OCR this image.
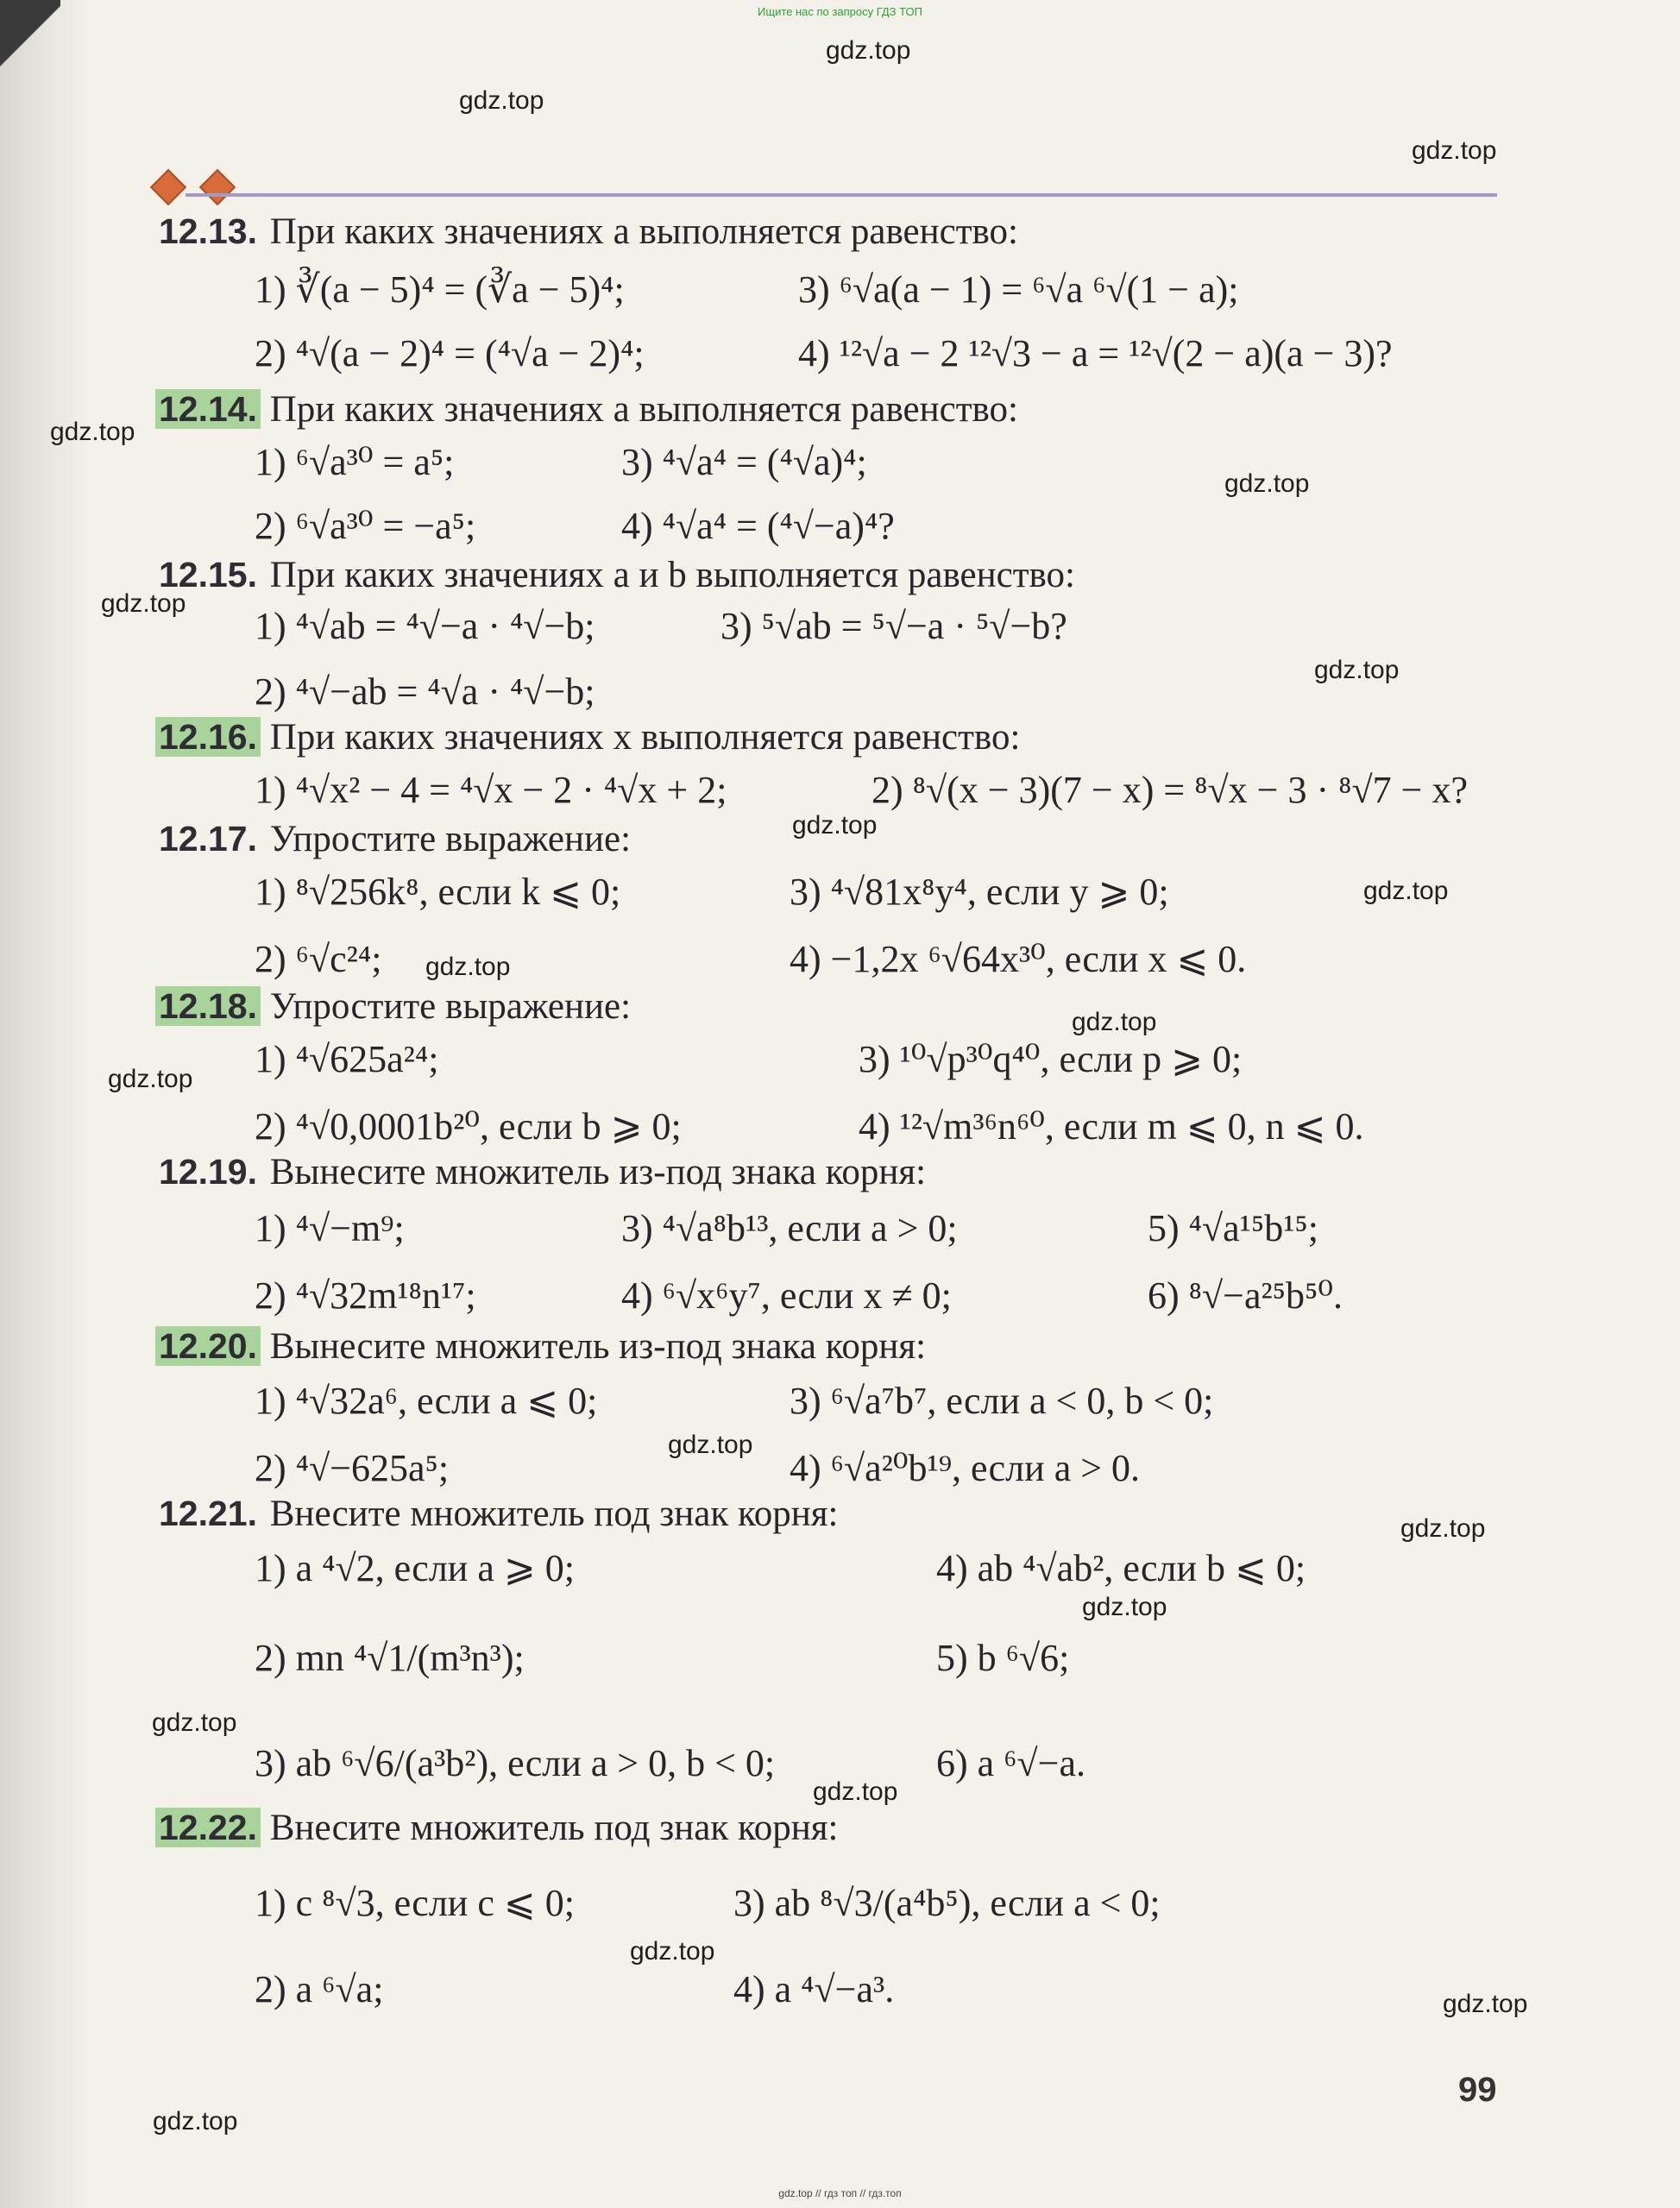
Ищите нас по запросу ГДЗ ТОП
gdz.top
gdz.top
gdz.top
gdz.top
gdz.top
gdz.top
gdz.top
gdz.top
gdz.top
gdz.top
gdz.top
gdz.top
gdz.top
gdz.top
gdz.top
gdz.top
gdz.top
gdz.top
gdz.top
gdz.top
12.13. При каких значениях a выполняется равенство:
1) ∛(a − 5)⁴ = (∛a − 5)⁴;
2) ⁴√(a − 2)⁴ = (⁴√a − 2)⁴;
3) ⁶√a(a − 1) = ⁶√a ⁶√(1 − a);
4) ¹²√a − 2 ¹²√3 − a = ¹²√(2 − a)(a − 3)?
12.14. При каких значениях a выполняется равенство:
1) ⁶√a³⁰ = a⁵;
2) ⁶√a³⁰ = −a⁵;
3) ⁴√a⁴ = (⁴√a)⁴;
4) ⁴√a⁴ = (⁴√−a)⁴?
12.15. При каких значениях a и b выполняется равенство:
1) ⁴√ab = ⁴√−a · ⁴√−b;
2) ⁴√−ab = ⁴√a · ⁴√−b;
3) ⁵√ab = ⁵√−a · ⁵√−b?
12.16. При каких значениях x выполняется равенство:
1) ⁴√x² − 4 = ⁴√x − 2 · ⁴√x + 2;	2) ⁸√(x − 3)(7 − x) = ⁸√x − 3 · ⁸√7 − x?
12.17. Упростите выражение:
1) ⁸√256k⁸, если k ⩽ 0;
2) ⁶√c²⁴;
3) ⁴√81x⁸y⁴, если y ⩾ 0;
4) −1,2x ⁶√64x³⁰, если x ⩽ 0.
12.18. Упростите выражение:
1) ⁴√625a²⁴;
2) ⁴√0,0001b²⁰, если b ⩾ 0;
3) ¹⁰√p³⁰q⁴⁰, если p ⩾ 0;
4) ¹²√m³⁶n⁶⁰, если m ⩽ 0, n ⩽ 0.
12.19. Вынесите множитель из-под знака корня:
1) ⁴√−m⁹;
2) ⁴√32m¹⁸n¹⁷;
3) ⁴√a⁸b¹³, если a > 0;
4) ⁶√x⁶y⁷, если x ≠ 0;
5) ⁴√a¹⁵b¹⁵;
6) ⁸√−a²⁵b⁵⁰.
12.20. Вынесите множитель из-под знака корня:
1) ⁴√32a⁶, если a ⩽ 0;
2) ⁴√−625a⁵;
3) ⁶√a⁷b⁷, если a < 0, b < 0;
4) ⁶√a²⁰b¹⁹, если a > 0.
12.21. Внесите множитель под знак корня:
1) a ⁴√2, если a ⩾ 0;
2) mn ⁴√1/(m³n³);
3) ab ⁶√6/(a³b²), если a > 0, b < 0;
4) ab ⁴√ab², если b ⩽ 0;
5) b ⁶√6;
6) a ⁶√−a.
12.22. Внесите множитель под знак корня:
1) c ⁸√3, если c ⩽ 0;
2) a ⁶√a;
3) ab ⁸√3/(a⁴b⁵), если a < 0;
4) a ⁴√−a³.
99
gdz.top // гдз топ // гдз.топ
